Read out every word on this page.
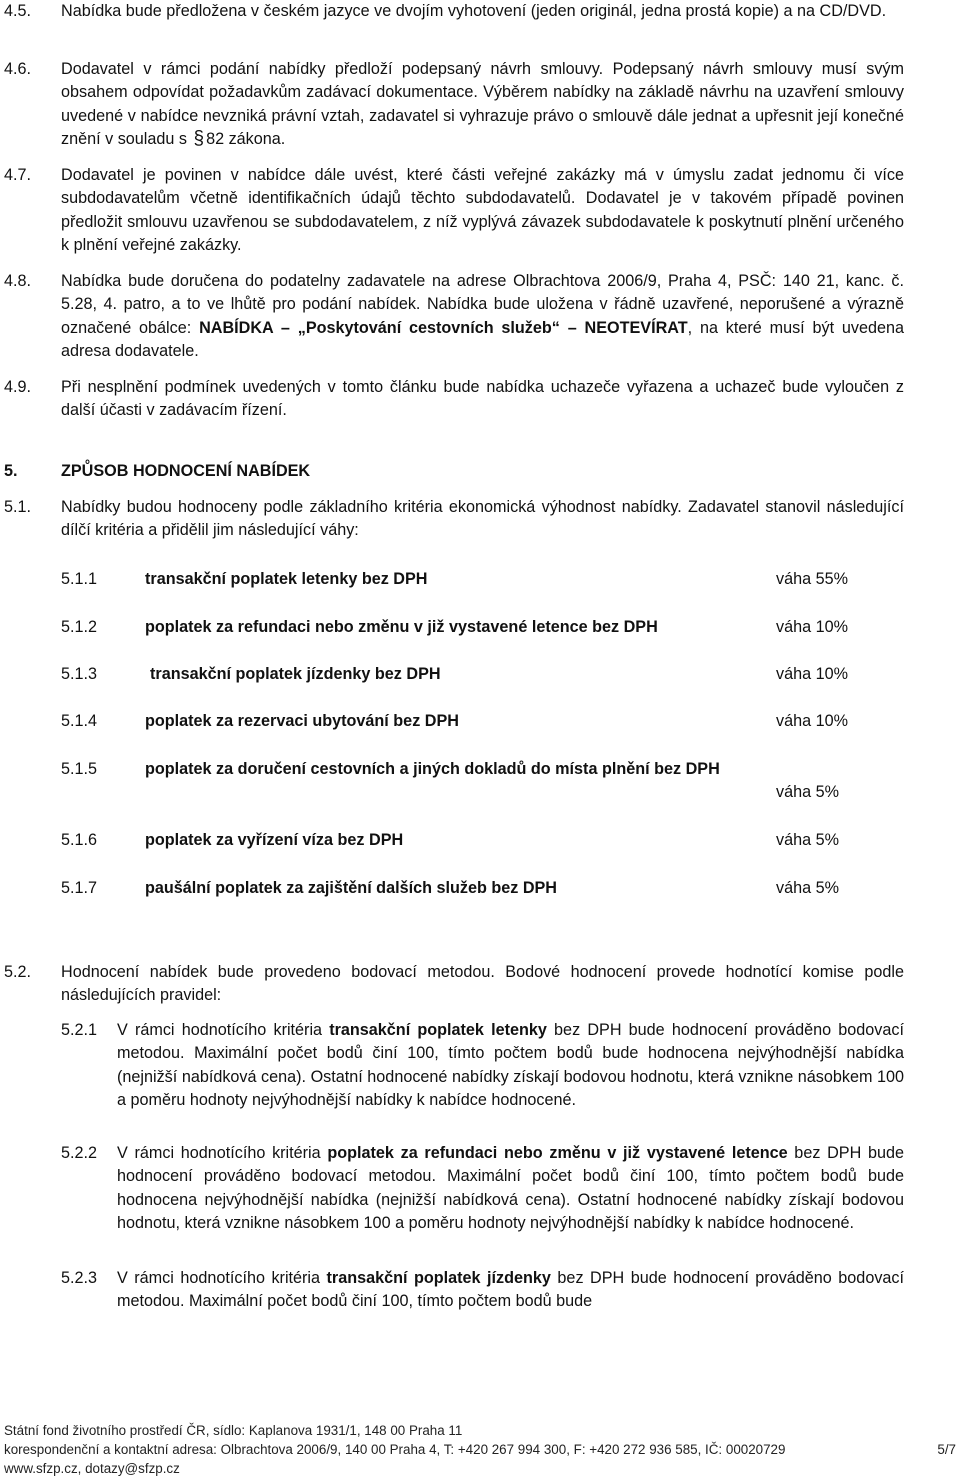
4.5. Nabídka bude předložena v českém jazyce ve dvojím vyhotovení (jeden originál, jedna prostá kopie) a na CD/DVD.
4.6. Dodavatel v rámci podání nabídky předloží podepsaný návrh smlouvy. Podepsaný návrh smlouvy musí svým obsahem odpovídat požadavkům zadávací dokumentace. Výběrem nabídky na základě návrhu na uzavření smlouvy uvedené v nabídce nevzniká právní vztah, zadavatel si vyhrazuje právo o smlouvě dále jednat a upřesnit její konečné znění v souladu s § 82 zákona.
4.7. Dodavatel je povinen v nabídce dále uvést, které části veřejné zakázky má v úmyslu zadat jednomu či více subdodavatelům včetně identifikačních údajů těchto subdodavatelů. Dodavatel je v takovém případě povinen předložit smlouvu uzavřenou se subdodavatelem, z níž vyplývá závazek subdodavatele k poskytnutí plnění určeného k plnění veřejné zakázky.
4.8. Nabídka bude doručena do podatelny zadavatele na adrese Olbrachtova 2006/9, Praha 4, PSČ: 140 21, kanc. č. 5.28, 4. patro, a to ve lhůtě pro podání nabídek. Nabídka bude uložena v řádně uzavřené, neporušené a výrazně označené obálce: NABÍDKA – „Poskytování cestovních služeb“ – NEOTEVÍRAT, na které musí být uvedena adresa dodavatele.
4.9. Při nesplnění podmínek uvedených v tomto článku bude nabídka uchazeče vyřazena a uchazeč bude vyloučen z další účasti v zadávacím řízení.
5.	ZPŮSOB HODNOCENÍ NABÍDEK
5.1. Nabídky budou hodnoceny podle základního kritéria ekonomická výhodnost nabídky. Zadavatel stanovil následující dílčí kritéria a přidělil jim následující váhy:
5.1.1	transakční poplatek letenky bez DPH	váha 55%
5.1.2	poplatek za refundaci nebo změnu v již vystavené letence bez DPH	váha 10%
5.1.3	transakční poplatek jízdenky bez DPH	váha 10%
5.1.4	poplatek za rezervaci ubytování bez DPH	váha 10%
5.1.5	poplatek za doručení cestovních a jiných dokladů do místa plnění bez DPH
váha 5%
5.1.6	poplatek za vyřízení víza bez DPH	váha 5%
5.1.7	paušální poplatek za zajištění dalších služeb bez DPH	váha 5%
5.2. Hodnocení nabídek bude provedeno bodovací metodou. Bodové hodnocení provede hodnotící komise podle následujících pravidel:
5.2.1 V rámci hodnotícího kritéria transakční poplatek letenky bez DPH bude hodnocení prováděno bodovací metodou. Maximální počet bodů činí 100, tímto počtem bodů bude hodnocena nejvýhodnější nabídka (nejnižší nabídková cena). Ostatní hodnocené nabídky získají bodovou hodnotu, která vznikne násobkem 100 a poměru hodnoty nejvýhodnější nabídky k nabídce hodnocené.
5.2.2 V rámci hodnotícího kritéria poplatek za refundaci nebo změnu v již vystavené letence bez DPH bude hodnocení prováděno bodovací metodou. Maximální počet bodů činí 100, tímto počtem bodů bude hodnocena nejvýhodnější nabídka (nejnižší nabídková cena). Ostatní hodnocené nabídky získají bodovou hodnotu, která vznikne násobkem 100 a poměru hodnoty nejvýhodnější nabídky k nabídce hodnocené.
5.2.3 V rámci hodnotícího kritéria transakční poplatek jízdenky bez DPH bude hodnocení prováděno bodovací metodou. Maximální počet bodů činí 100, tímto počtem bodů bude
Státní fond životního prostředí ČR, sídlo: Kaplanova 1931/1, 148 00 Praha 11
korespondenční a kontaktní adresa: Olbrachtova 2006/9, 140 00 Praha 4, T: +420 267 994 300, F: +420 272 936 585, IČ: 00020729
www.sfzp.cz, dotazy@sfzp.cz
5/7
